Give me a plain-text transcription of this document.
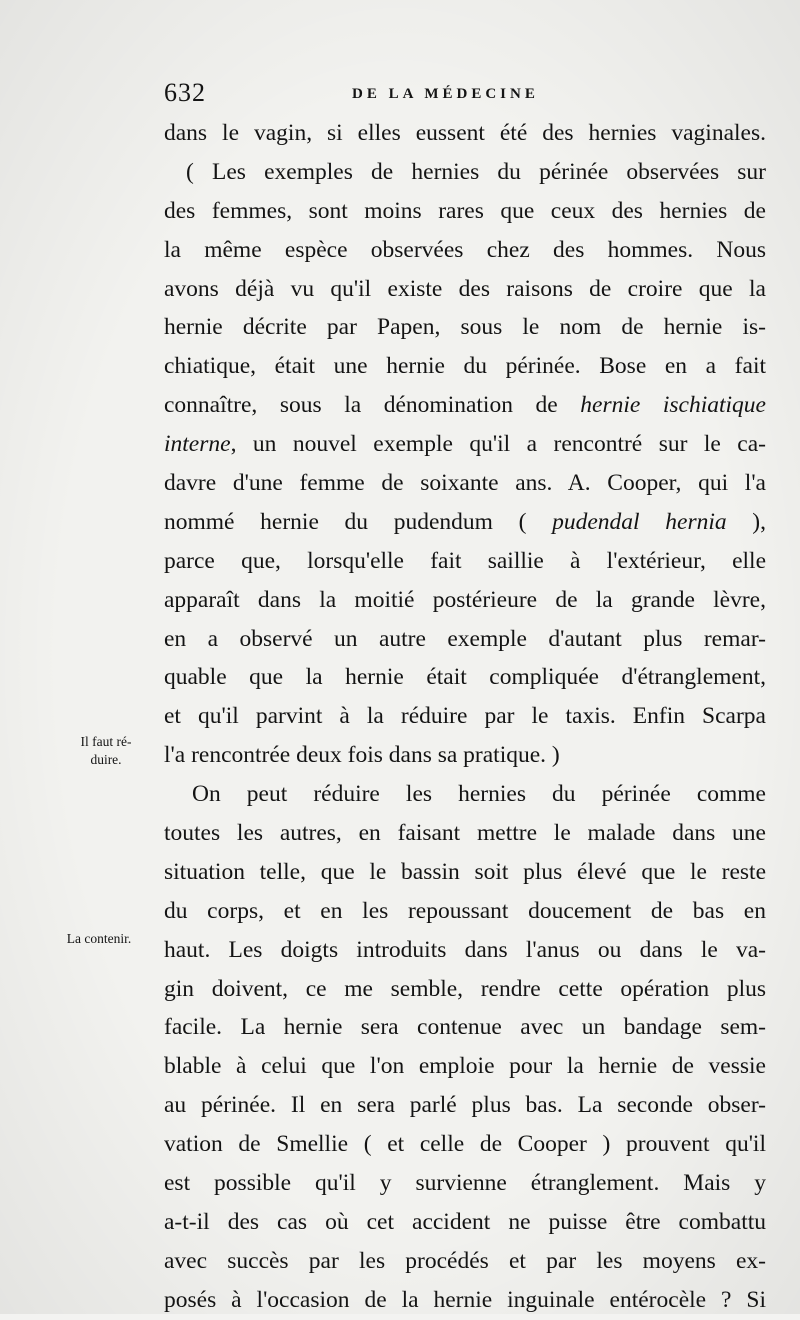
632	DE LA MÉDECINE
Il faut ré-
duire.
La contenir.
dans le vagin, si elles eussent été des hernies vaginales.
( Les exemples de hernies du périnée observées sur
des femmes, sont moins rares que ceux des hernies de
la même espèce observées chez des hommes. Nous
avons déjà vu qu'il existe des raisons de croire que la
hernie décrite par Papen, sous le nom de hernie is-
chiatique, était une hernie du périnée. Bose en a fait
connaître, sous la dénomination de hernie ischiatique
interne, un nouvel exemple qu'il a rencontré sur le ca-
davre d'une femme de soixante ans. A. Cooper, qui l'a
nommé hernie du pudendum ( pudendal hernia ),
parce que, lorsqu'elle fait saillie à l'extérieur, elle
apparaît dans la moitié postérieure de la grande lèvre,
en a observé un autre exemple d'autant plus remar-
quable que la hernie était compliquée d'étranglement,
et qu'il parvint à la réduire par le taxis. Enfin Scarpa
l'a rencontrée deux fois dans sa pratique. )
On peut réduire les hernies du périnée comme
toutes les autres, en faisant mettre le malade dans une
situation telle, que le bassin soit plus élevé que le reste
du corps, et en les repoussant doucement de bas en
haut. Les doigts introduits dans l'anus ou dans le va-
gin doivent, ce me semble, rendre cette opération plus
facile. La hernie sera contenue avec un bandage sem-
blable à celui que l'on emploie pour la hernie de vessie
au périnée. Il en sera parlé plus bas. La seconde obser-
vation de Smellie ( et celle de Cooper ) prouvent qu'il
est possible qu'il y survienne étranglement. Mais y
a-t-il des cas où cet accident ne puisse être combattu
avec succès par les procédés et par les moyens ex-
posés à l'occasion de la hernie inguinale entérocèle ? Si
